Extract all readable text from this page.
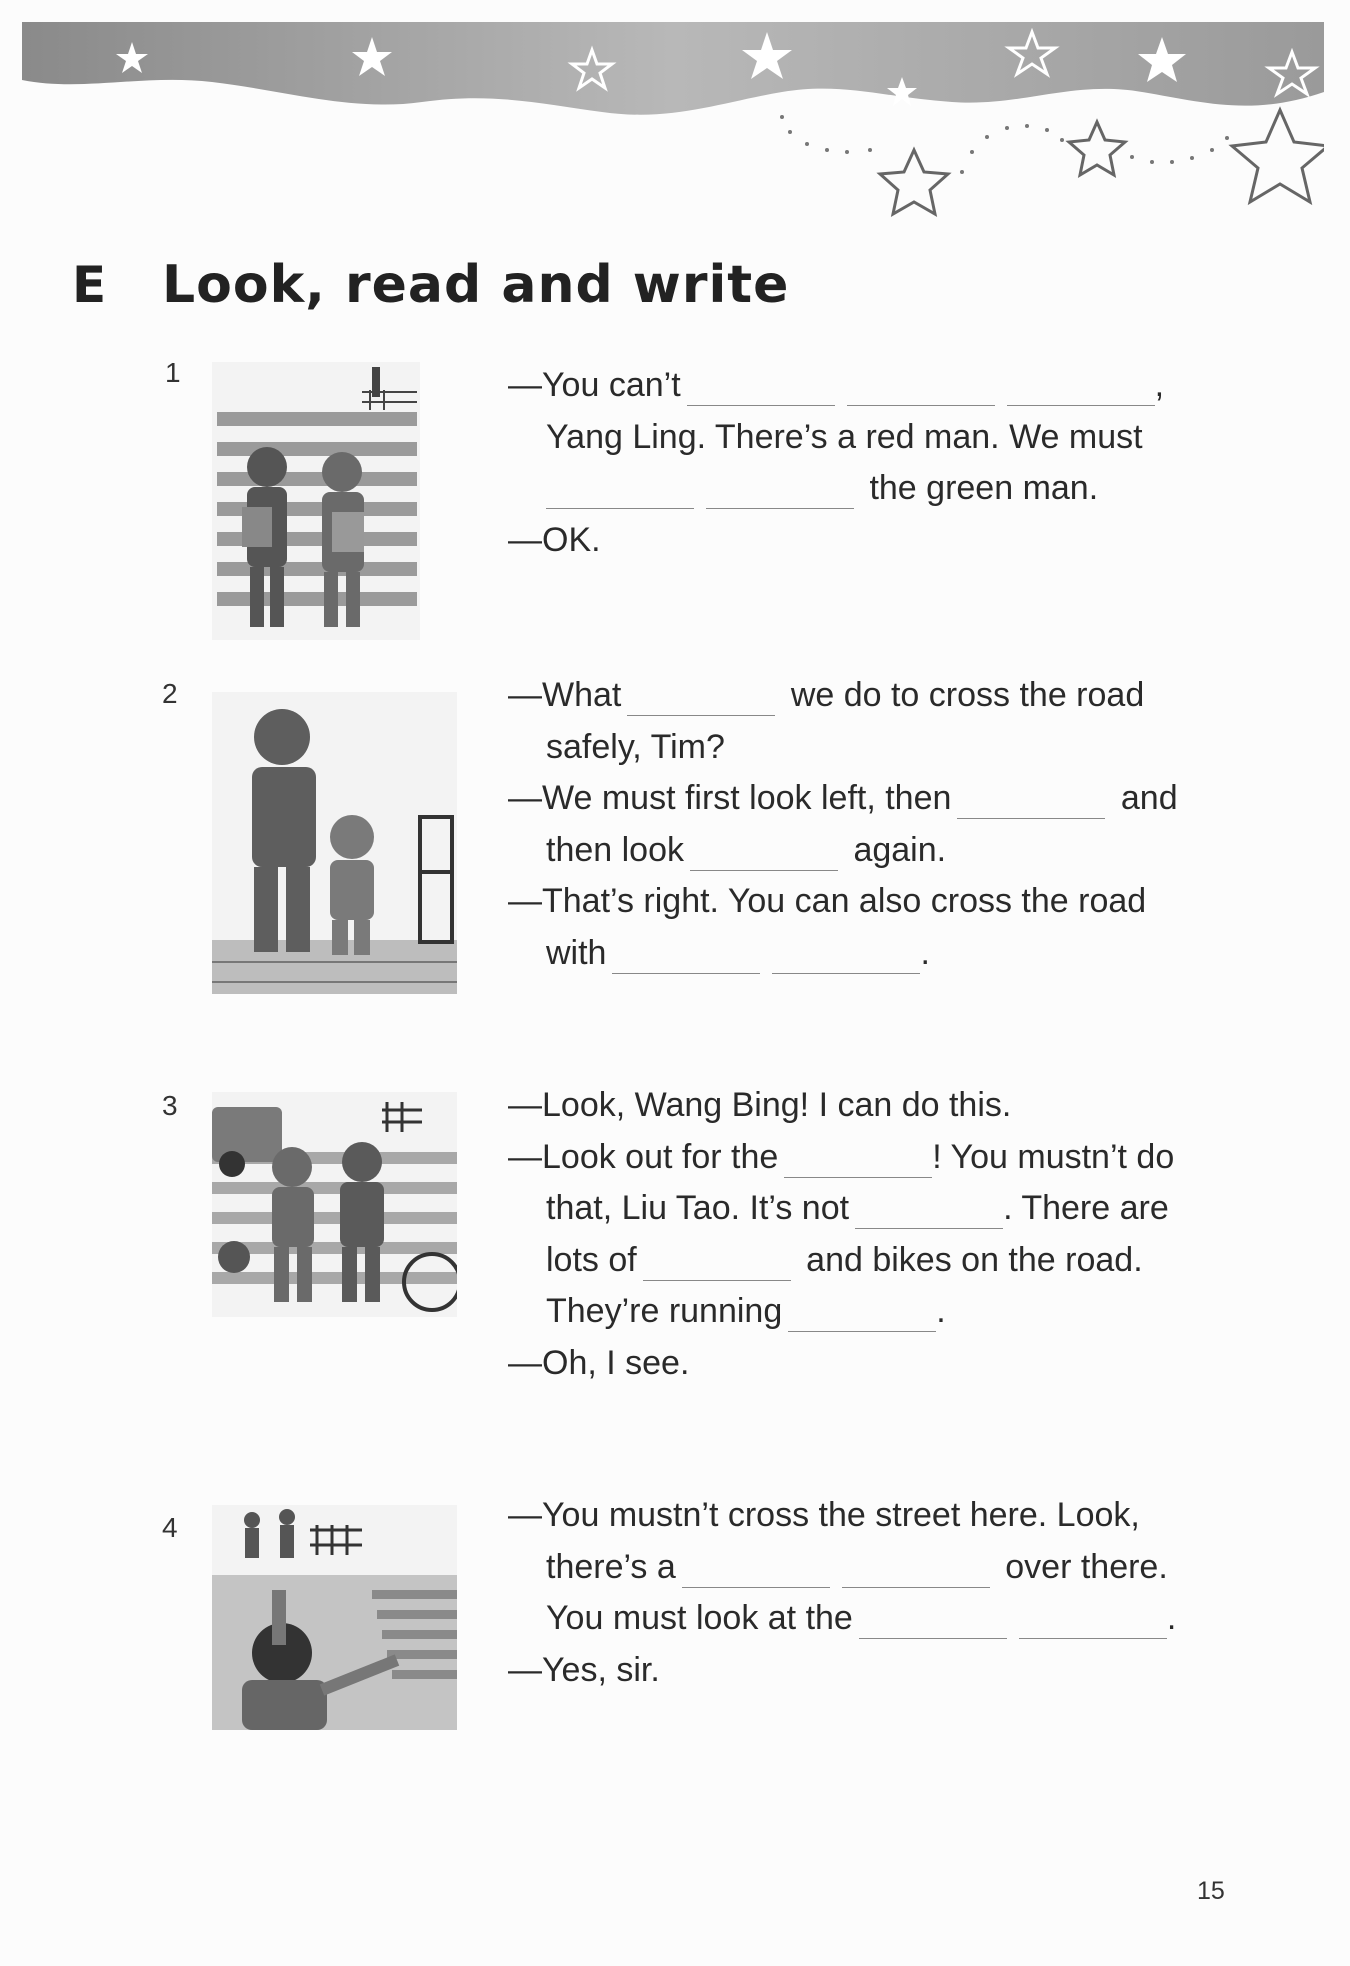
E	Look, read and write
1	—You can’t	,
Yang Ling. There’s a red man. We must
the green man.
—OK.
2	—What	we do to cross the road
safely, Tim?
—We must first look left, then	and
then look	again.
—That’s right. You can also cross the road
with	.
3	—Look, Wang Bing! I can do this.
—Look out for the	! You mustn’t do
that, Liu Tao. It’s not	. There are
lots of	and bikes on the road.
They’re running	.
—Oh, I see.
4	—You mustn’t cross the street here. Look,
there’s a	over there.
You must look at the	.
—Yes, sir.
15
